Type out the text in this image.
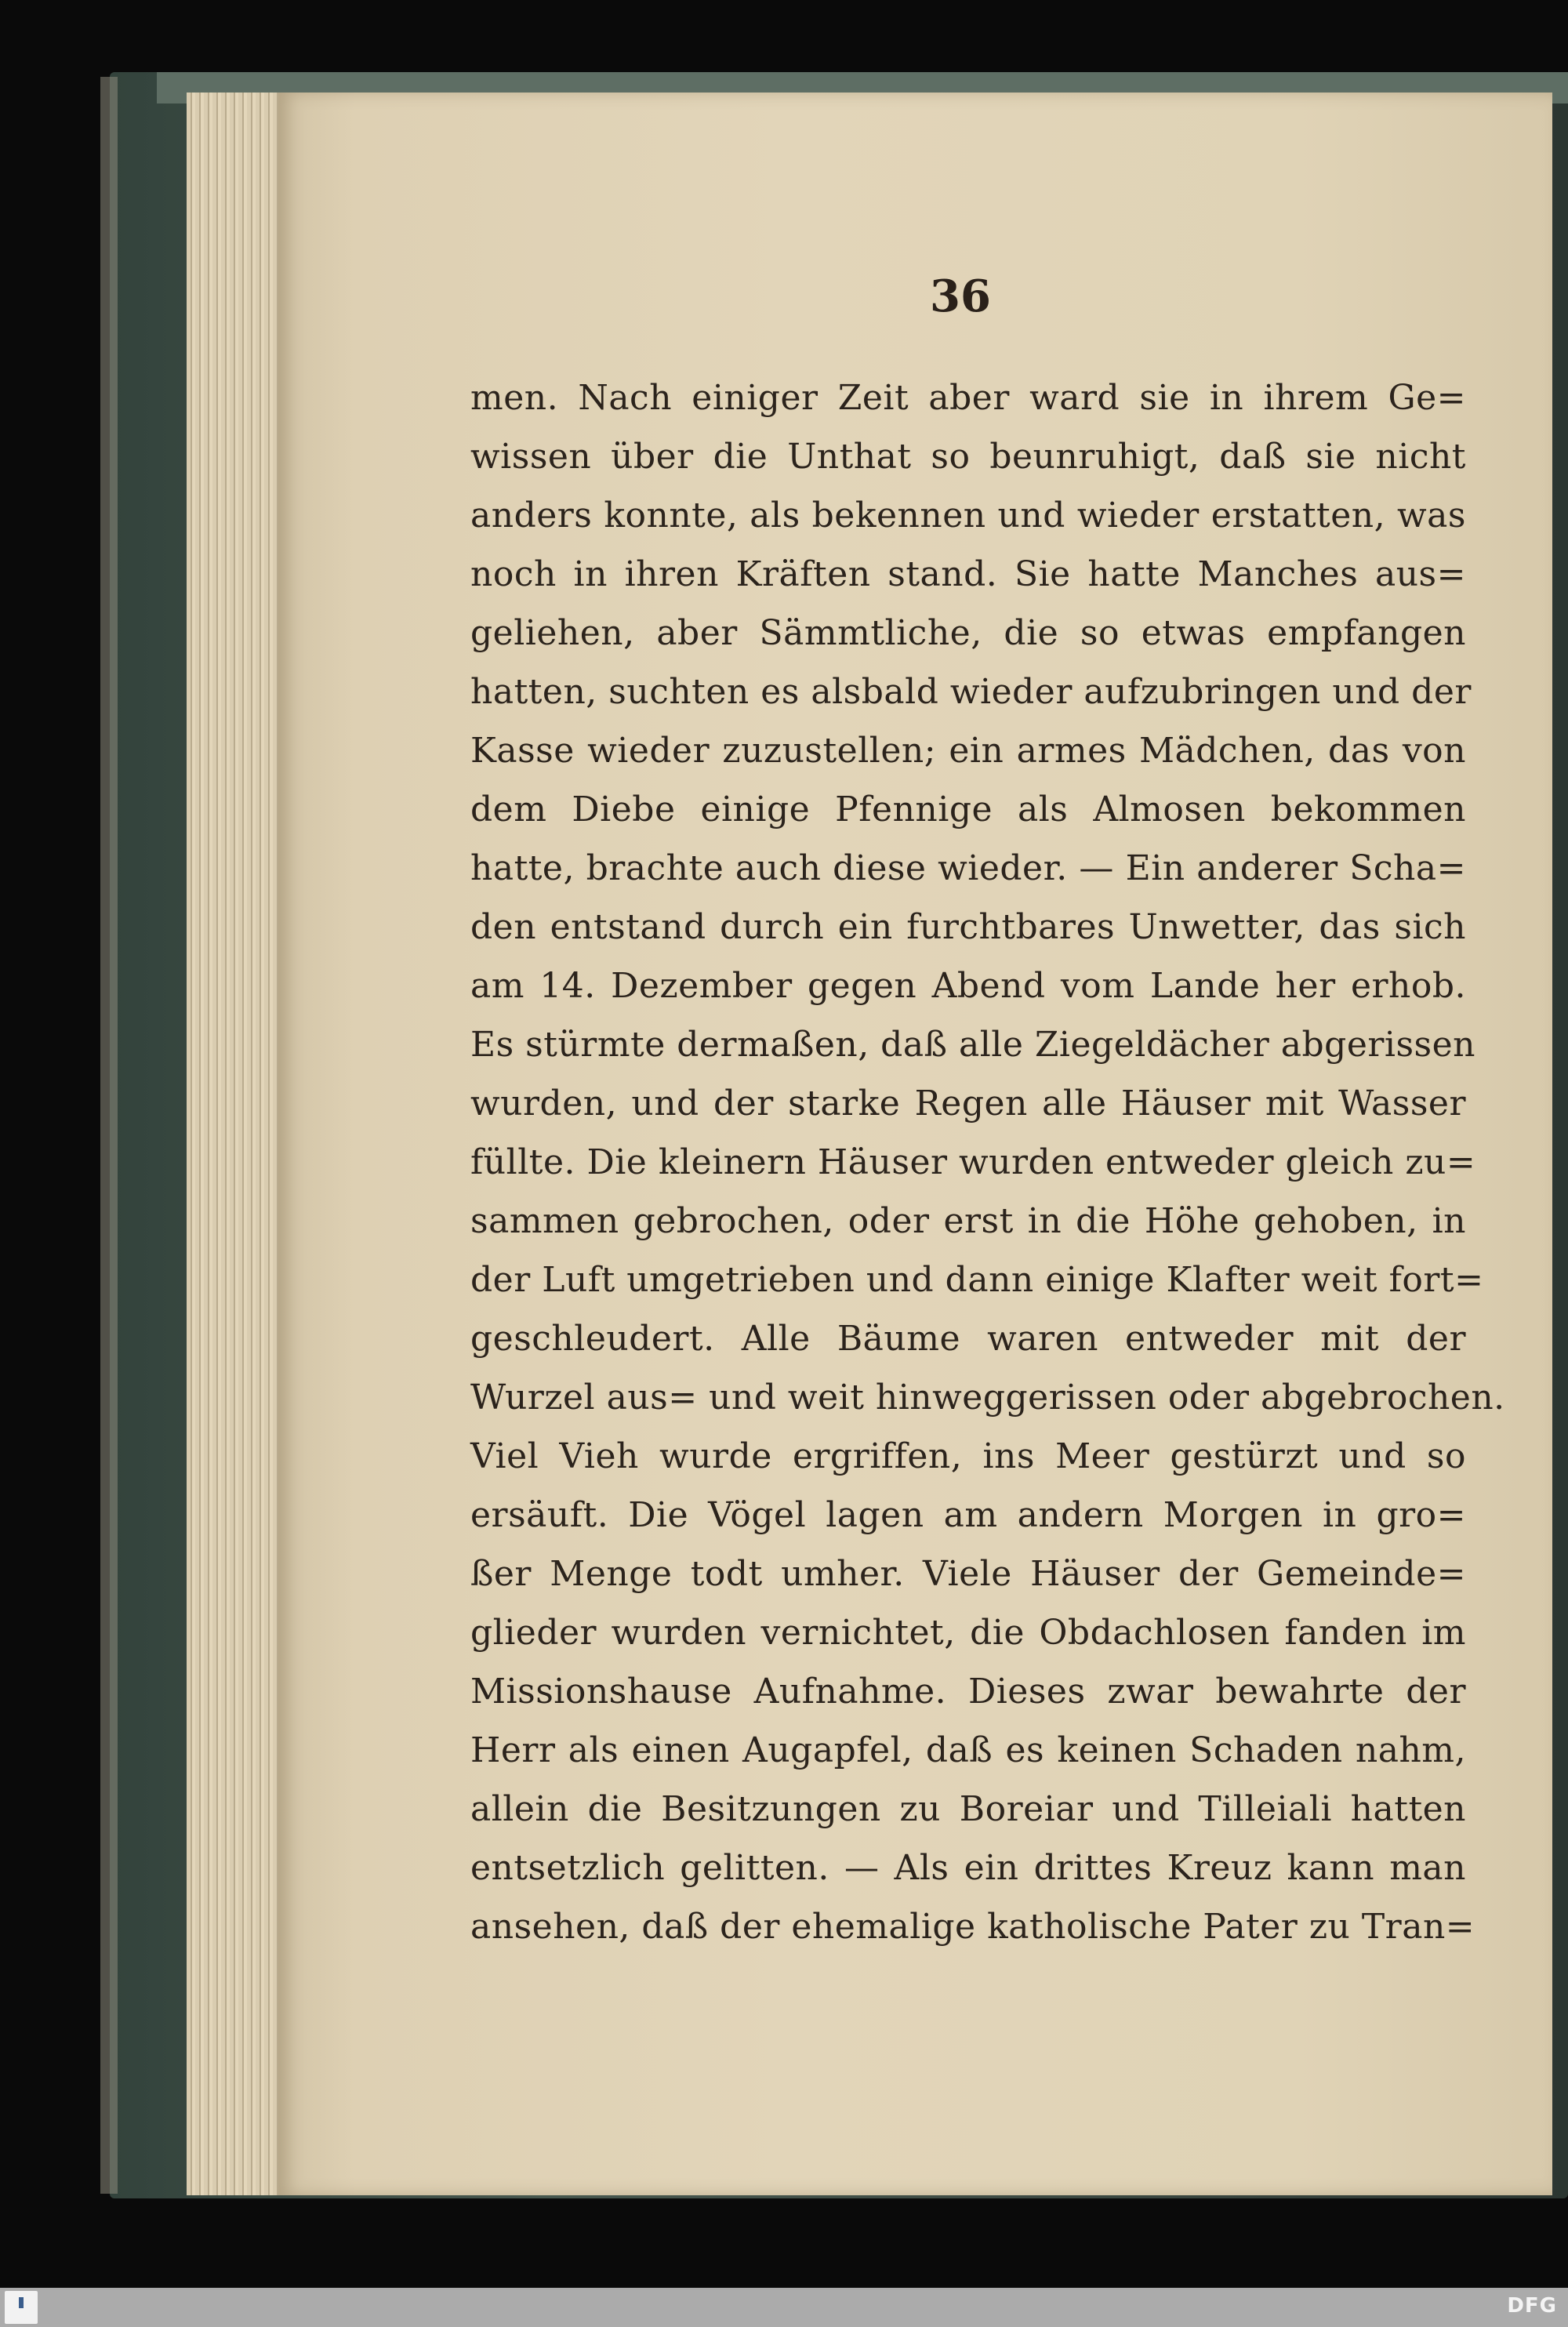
36
men. Nach einiger Zeit aber ward sie in ihrem Ge=
wissen über die Unthat so beunruhigt, daß sie nicht
anders konnte, als bekennen und wieder erstatten, was
noch in ihren Kräften stand. Sie hatte Manches aus=
geliehen, aber Sämmtliche, die so etwas empfangen
hatten, suchten es alsbald wieder aufzubringen und der
Kasse wieder zuzustellen; ein armes Mädchen, das von
dem Diebe einige Pfennige als Almosen bekommen
hatte, brachte auch diese wieder. — Ein anderer Scha=
den entstand durch ein furchtbares Unwetter, das sich
am 14. Dezember gegen Abend vom Lande her erhob.
Es stürmte dermaßen, daß alle Ziegeldächer abgerissen
wurden, und der starke Regen alle Häuser mit Wasser
füllte. Die kleinern Häuser wurden entweder gleich zu=
sammen gebrochen, oder erst in die Höhe gehoben, in
der Luft umgetrieben und dann einige Klafter weit fort=
geschleudert. Alle Bäume waren entweder mit der
Wurzel aus= und weit hinweggerissen oder abgebrochen.
Viel Vieh wurde ergriffen, ins Meer gestürzt und so
ersäuft. Die Vögel lagen am andern Morgen in gro=
ßer Menge todt umher. Viele Häuser der Gemeinde=
glieder wurden vernichtet, die Obdachlosen fanden im
Missionshause Aufnahme. Dieses zwar bewahrte der
Herr als einen Augapfel, daß es keinen Schaden nahm,
allein die Besitzungen zu Boreiar und Tilleiali hatten
entsetzlich gelitten. — Als ein drittes Kreuz kann man
ansehen, daß der ehemalige katholische Pater zu Tran=
DFG
